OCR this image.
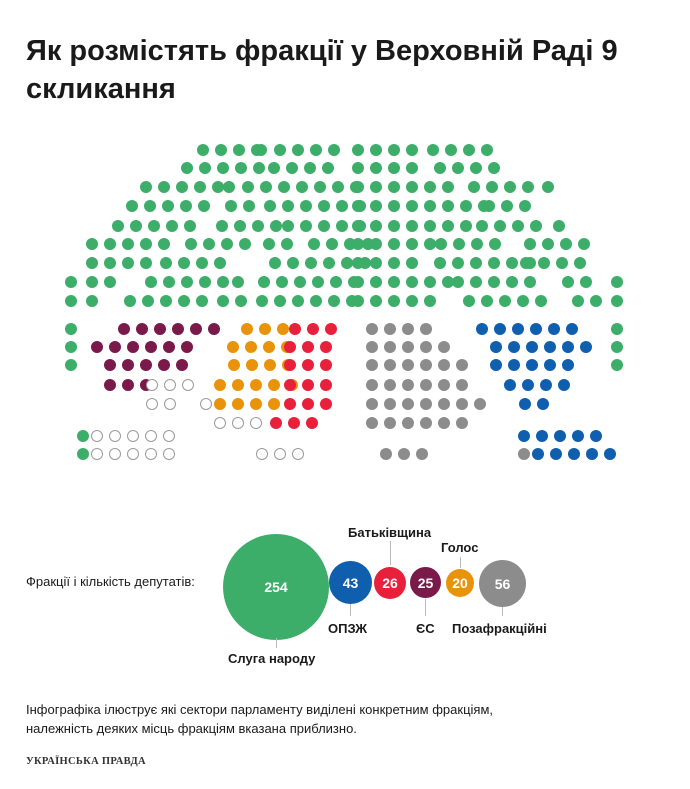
Як розмістять фракції у Верховній Раді 9 скликання
Фракції і кількість депутатів:	254	43 26 25 20 56
Слуга народу
ОПЗЖ
Батьківщина
ЄС
Голос
Позафракційні

Інфографіка ілюструє які сектори парламенту виділені конкретним фракціям, належність деяких місць фракціям вказана приблизно.

УКРАЇНСЬКА ПРАВДА
